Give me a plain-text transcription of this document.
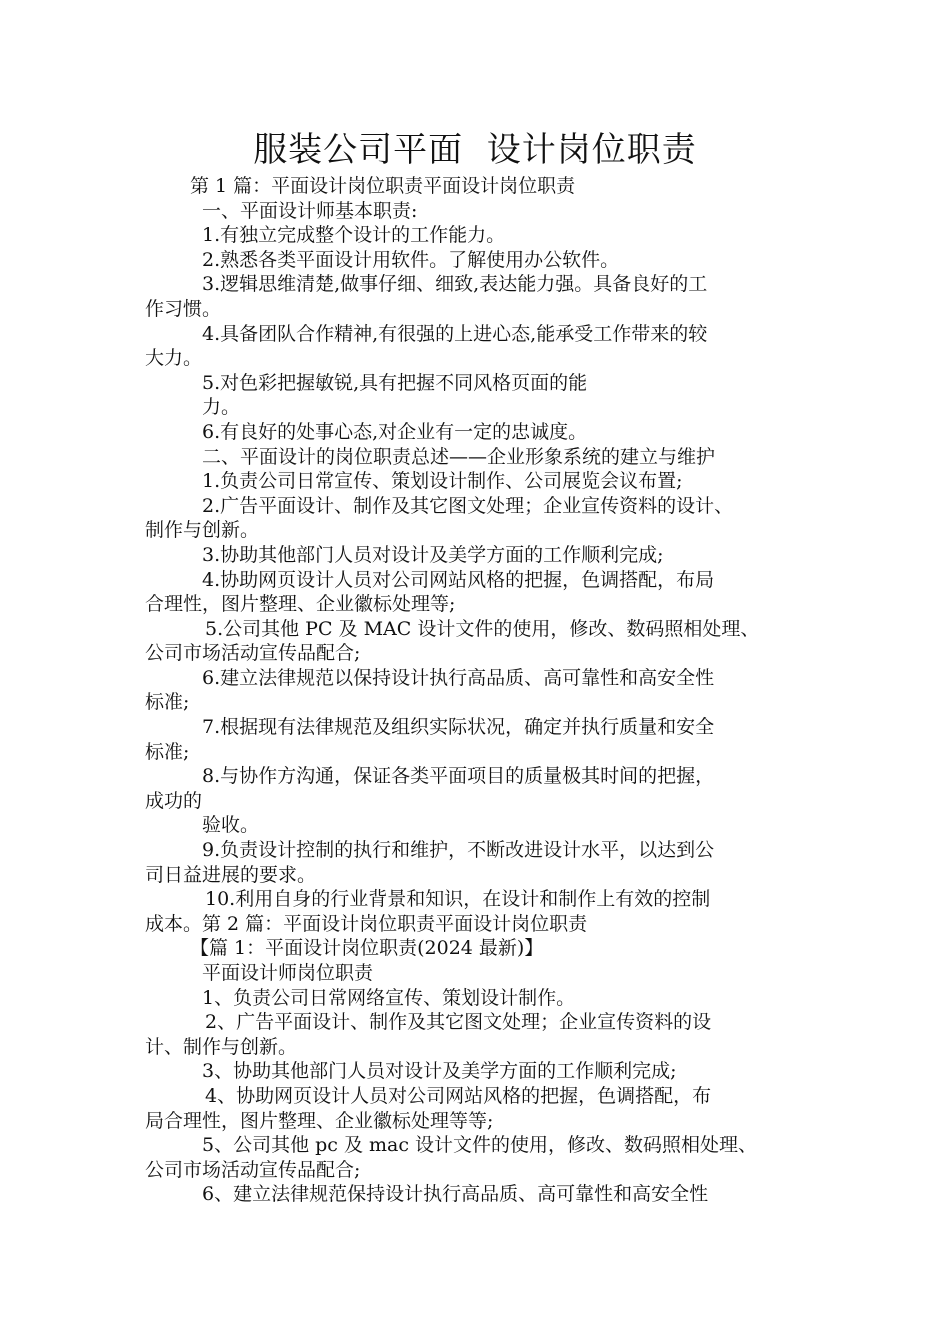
服装公司平面  设计岗位职责
第 1 篇：平面设计岗位职责平面设计岗位职责
一、平面设计师基本职责:
1.有独立完成整个设计的工作能力。
2.熟悉各类平面设计用软件。了解使用办公软件。
3.逻辑思维清楚,做事仔细、细致,表达能力强。具备良好的工
作习惯。
4.具备团队合作精神,有很强的上进心态,能承受工作带来的较
大力。
5.对色彩把握敏锐,具有把握不同风格页面的能
力。
6.有良好的处事心态,对企业有一定的忠诚度。
二、平面设计的岗位职责总述——企业形象系统的建立与维护
1.负责公司日常宣传、策划设计制作、公司展览会议布置;
2.广告平面设计、制作及其它图文处理；企业宣传资料的设计、
制作与创新。
3.协助其他部门人员对设计及美学方面的工作顺利完成;
4.协助网页设计人员对公司网站风格的把握，色调搭配，布局
合理性，图片整理、企业徽标处理等;
5.公司其他 PC 及 MAC 设计文件的使用，修改、数码照相处理、
公司市场活动宣传品配合;
6.建立法律规范以保持设计执行高品质、高可靠性和高安全性
标准;
7.根据现有法律规范及组织实际状况，确定并执行质量和安全
标准;
8.与协作方沟通，保证各类平面项目的质量极其时间的把握，
成功的
验收。
9.负责设计控制的执行和维护，不断改进设计水平，以达到公
司日益进展的要求。
10.利用自身的行业背景和知识，在设计和制作上有效的控制
成本。第 2 篇：平面设计岗位职责平面设计岗位职责
【篇 1：平面设计岗位职责(2024 最新)】
平面设计师岗位职责
1、负责公司日常网络宣传、策划设计制作。
2、广告平面设计、制作及其它图文处理；企业宣传资料的设
计、制作与创新。
3、协助其他部门人员对设计及美学方面的工作顺利完成;
4、协助网页设计人员对公司网站风格的把握，色调搭配，布
局合理性，图片整理、企业徽标处理等等;
5、公司其他 pc 及 mac 设计文件的使用，修改、数码照相处理、
公司市场活动宣传品配合;
6、建立法律规范保持设计执行高品质、高可靠性和高安全性
